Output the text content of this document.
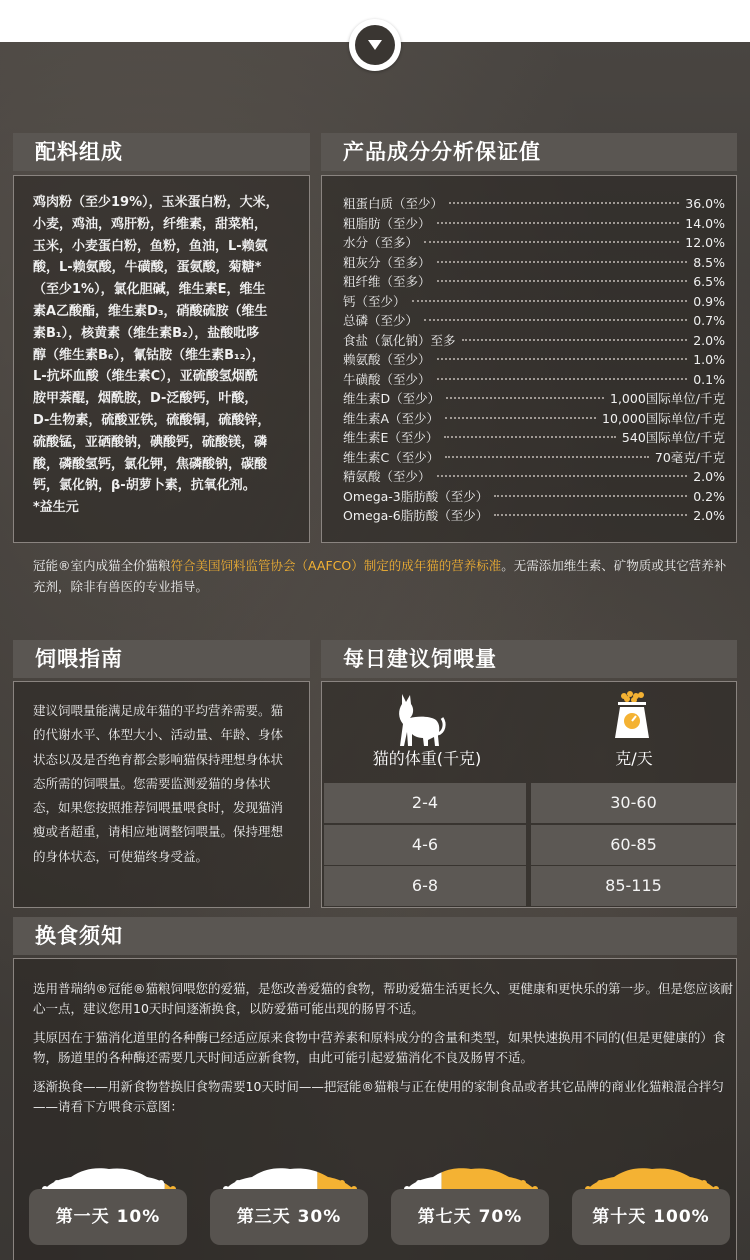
配料组成
鸡肉粉（至少19%），玉米蛋白粉，大米，
小麦，鸡油，鸡肝粉，纤维素，甜菜粕，
玉米，小麦蛋白粉，鱼粉，鱼油，L-赖氨
酸，L-赖氨酸，牛磺酸，蛋氨酸，菊糖*
（至少1%），氯化胆碱，维生素E，维生
素A乙酸酯，维生素D₃，硝酸硫胺（维生
素B₁），核黄素（维生素B₂），盐酸吡哆
醇（维生素B₆），氰钴胺（维生素B₁₂），
L-抗坏血酸（维生素C），亚硫酸氢烟酰
胺甲萘醌，烟酰胺，D-泛酸钙，叶酸，
D-生物素，硫酸亚铁，硫酸铜，硫酸锌，
硫酸锰，亚硒酸钠，碘酸钙，硫酸镁，磷
酸，磷酸氢钙，氯化钾，焦磷酸钠，碳酸
钙，氯化钠，β-胡萝卜素，抗氧化剂。
*益生元
产品成分分析保证值
粗蛋白质（至少）	36.0%
粗脂肪（至少）	14.0%
水分（至多）	12.0%
粗灰分（至多）	8.5%
粗纤维（至多）	6.5%
钙（至少）	0.9%
总磷（至少）	0.7%
食盐（氯化钠）至多	2.0%
赖氨酸（至少）	1.0%
牛磺酸（至少）	0.1%
维生素D（至少）	1,000国际单位/千克
维生素A（至少）	10,000国际单位/千克
维生素E（至少）	540国际单位/千克
维生素C（至少）	70毫克/千克
精氨酸（至少）	2.0%
Omega-3脂肪酸（至少）	0.2%
Omega-6脂肪酸（至少）	2.0%
冠能®室内成猫全价猫粮符合美国饲料监管协会（AAFCO）制定的成年猫的营养标准。无需添加维生素、矿物质或其它营养补充剂，除非有兽医的专业指导。
饲喂指南
建议饲喂量能满足成年猫的平均营养需要。猫的代谢水平、体型大小、活动量、年龄、身体状态以及是否绝育都会影响猫保持理想身体状态所需的饲喂量。您需要监测爱猫的身体状态，如果您按照推荐饲喂量喂食时，发现猫消瘦或者超重，请相应地调整饲喂量。保持理想的身体状态，可使猫终身受益。
每日建议饲喂量
猫的体重(千克)	克/天
2-4	30-60
4-6	60-85
6-8	85-115
换食须知
选用普瑞纳®冠能®猫粮饲喂您的爱猫，是您改善爱猫的食物，帮助爱猫生活更长久、更健康和更快乐的第一步。但是您应该耐心一点，建议您用10天时间逐渐换食，以防爱猫可能出现的肠胃不适。
其原因在于猫消化道里的各种酶已经适应原来食物中营养素和原料成分的含量和类型，如果快速换用不同的(但是更健康的）食物，肠道里的各种酶还需要几天时间适应新食物，由此可能引起爱猫消化不良及肠胃不适。
逐渐换食——用新食物替换旧食物需要10天时间——把冠能®猫粮与正在使用的家制食品或者其它品牌的商业化猫粮混合拌匀——请看下方喂食示意图：
第一天 10%	第三天 30%	第七天 70%	第十天 100%
